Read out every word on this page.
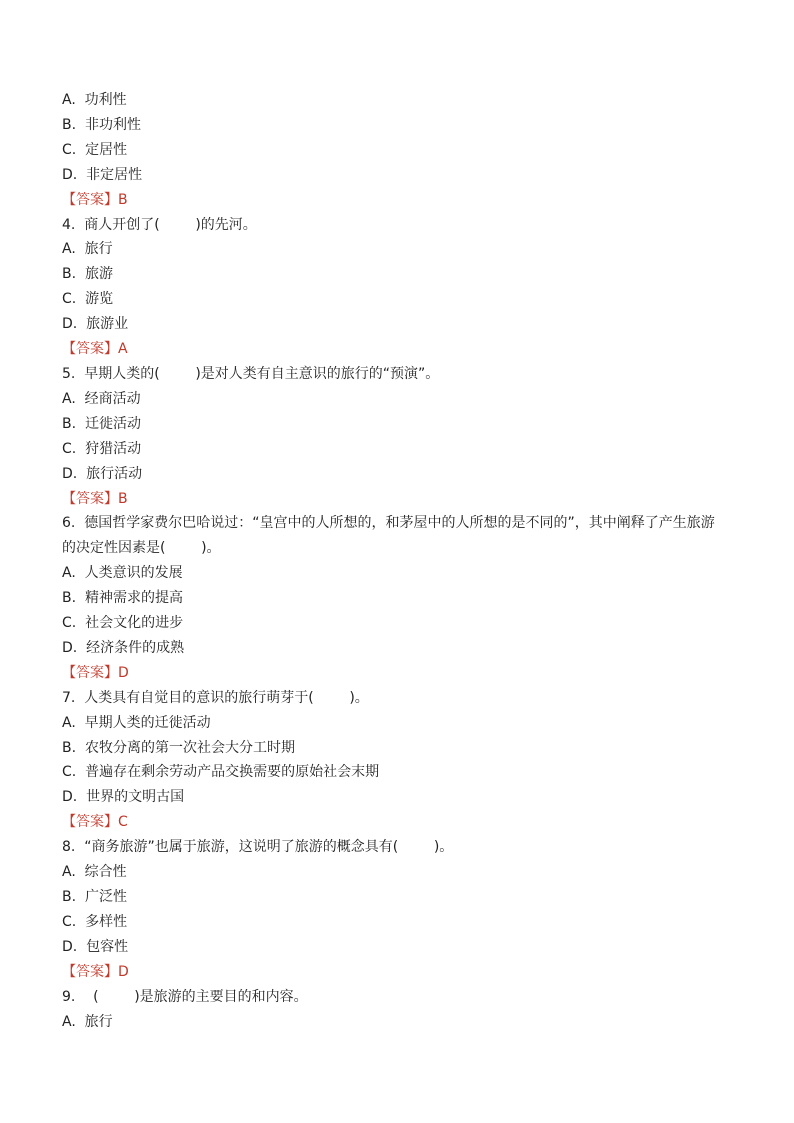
A.  功利性

B.  非功利性

C.  定居性

D.  非定居性

【答案】B

4.  商人开创了(        )的先河。

A.  旅行

B.  旅游

C.  游览

D.  旅游业

【答案】A

5.  早期人类的(        )是对人类有自主意识的旅行的“预演”。

A.  经商活动

B.  迁徙活动

C.  狩猎活动

D.  旅行活动

【答案】B

6.  德国哲学家费尔巴哈说过：“皇宫中的人所想的，和茅屋中的人所想的是不同的”，其中阐释了产生旅游

的决定性因素是(        )。

A.  人类意识的发展

B.  精神需求的提高

C.  社会文化的进步

D.  经济条件的成熟

【答案】D

7.  人类具有自觉目的意识的旅行萌芽于(        )。

A.  早期人类的迁徙活动

B.  农牧分离的第一次社会大分工时期

C.  普遍存在剩余劳动产品交换需要的原始社会末期

D.  世界的文明古国

【答案】C

8.  “商务旅游”也属于旅游，这说明了旅游的概念具有(        )。

A.  综合性

B.  广泛性

C.  多样性

D.  包容性

【答案】D

9.    (        )是旅游的主要目的和内容。

A.  旅行
